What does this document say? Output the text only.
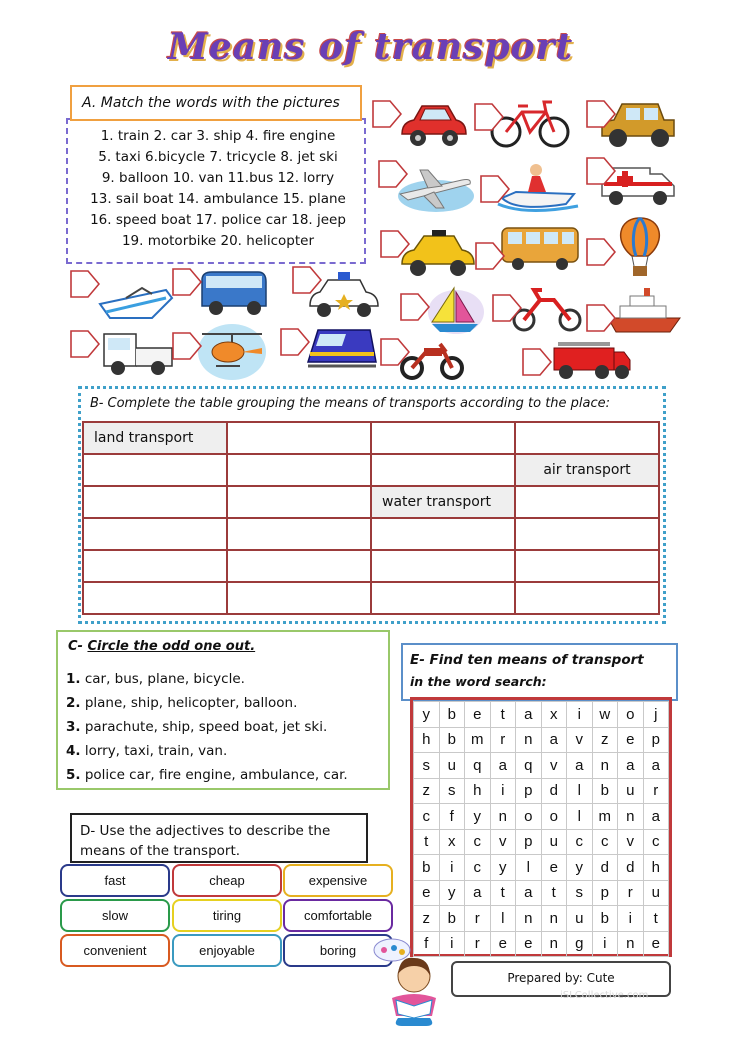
Means of transport
A. Match the words with the pictures
1. train 2. car 3. ship 4. fire engine
5. taxi 6.bicycle 7. tricycle 8. jet ski
9. balloon 10. van 11.bus 12. lorry
13. sail boat 14. ambulance 15. plane
16. speed boat 17. police car 18. jeep
19. motorbike 20. helicopter
B- Complete the table grouping the means of transports according to the place:
land transport			
			air transport
		water transport	

C- Circle the odd one out.
1. car, bus, plane, bicycle.
2. plane, ship, helicopter, balloon.
3. parachute, ship, speed boat, jet ski.
4. lorry, taxi, train, van.
5. police car, fire engine, ambulance, car.
D- Use the adjectives to describe the means of the transport.
fast	cheap	expensive
slow	tiring	comfortable
convenient	enjoyable	boring
E- Find ten means of transport
in the word search:
y	b	e	t	a	x	i	w	o	j
h	b	m	r	n	a	v	z	e	p
s	u	q	a	q	v	a	n	a	a
z	s	h	i	p	d	l	b	u	r
c	f	y	n	o	o	l	m	n	a
t	x	c	v	p	u	c	c	v	c
b	i	c	y	l	e	y	d	d	h
e	y	a	t	a	t	s	p	r	u
z	b	r	l	n	n	u	b	i	t
f	i	r	e	e	n	g	i	n	e
Prepared by: Cute
iSLCollective.com
